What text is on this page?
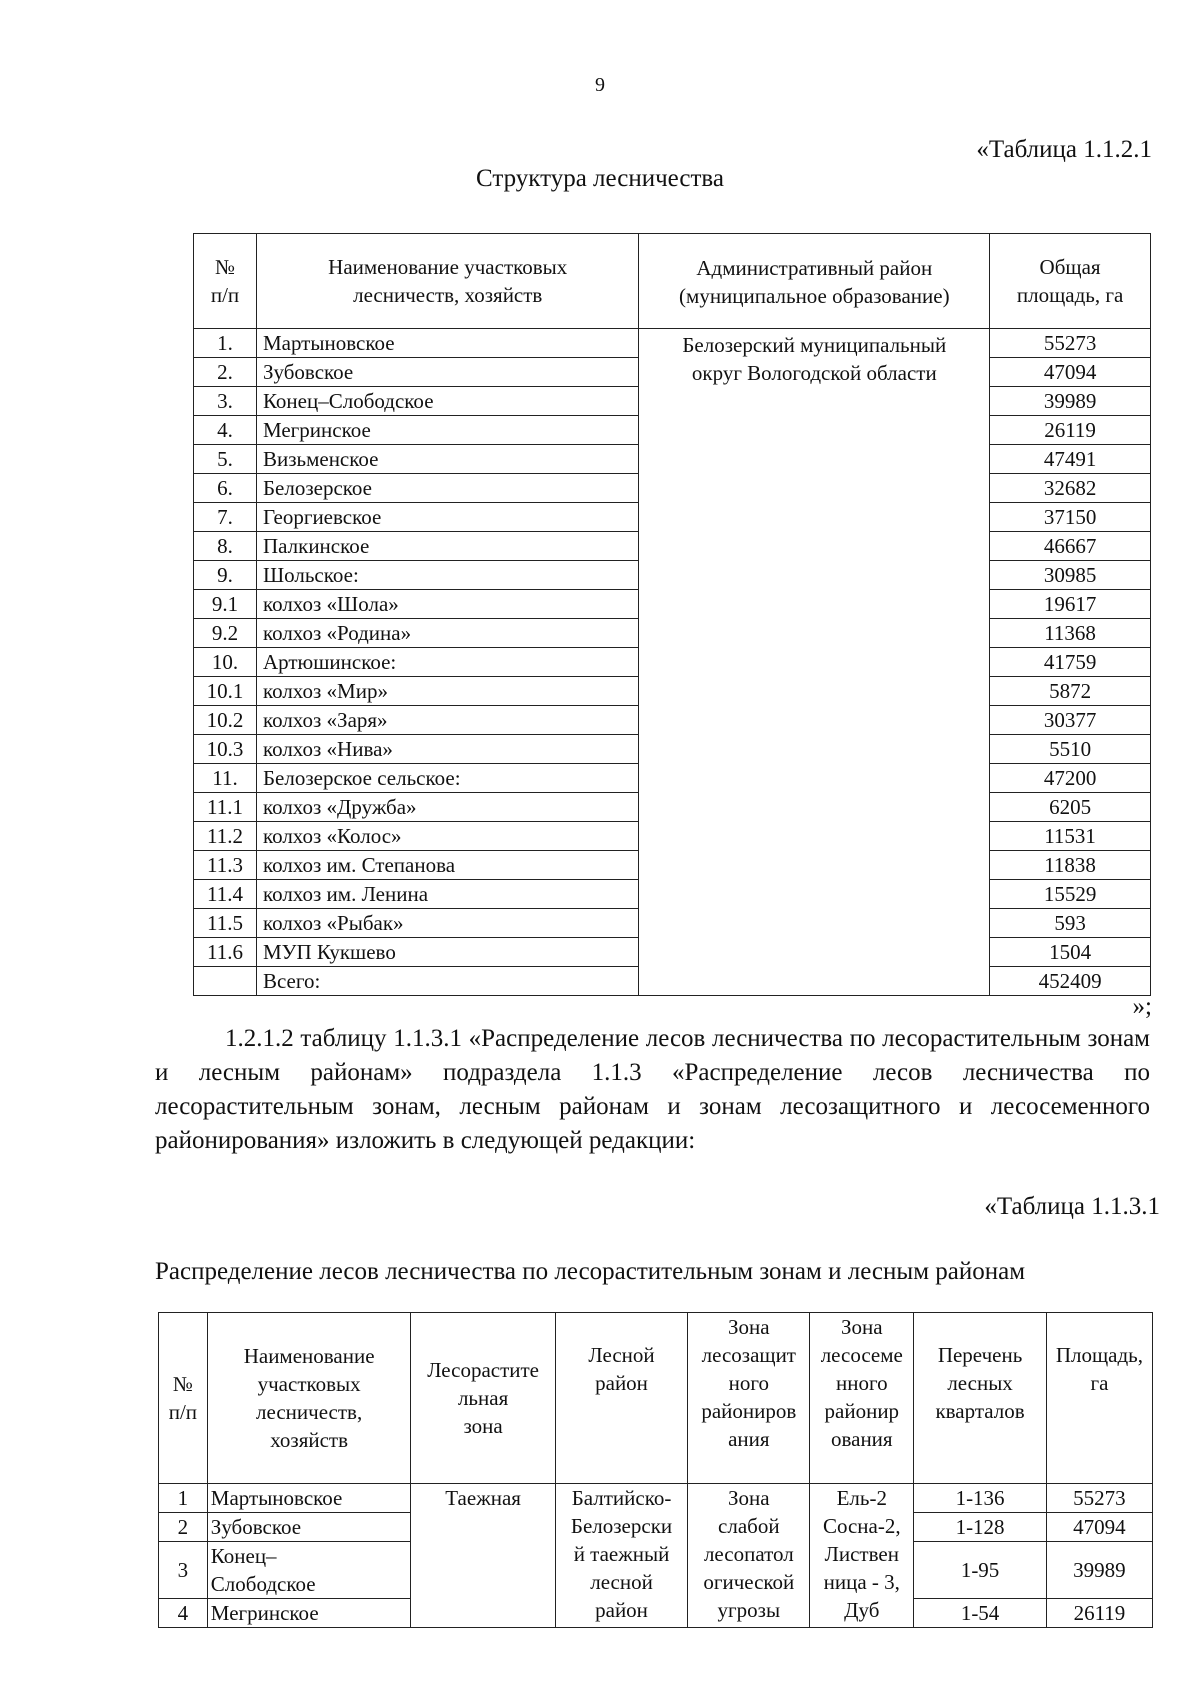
9
«Таблица 1.1.2.1
Структура лесничества
№
п/п	Наименование участковых
лесничеств, хозяйств	Административный район
(муниципальное образование)	Общая
площадь, га

1.	Мартыновское	Белозерский муниципальный
округ Вологодской области	55273
2.	Зубовское		47094
3.	Конец–Слободское		39989
4.	Мегринское		26119
5.	Визьменское		47491
6.	Белозерское		32682
7.	Георгиевское		37150
8.	Палкинское		46667
9.	Шольское:		30985
9.1	колхоз «Шола»		19617
9.2	колхоз «Родина»		11368
10.	Артюшинское:		41759
10.1	колхоз «Мир»		5872
10.2	колхоз «Заря»		30377
10.3	колхоз «Нива»		5510
11.	Белозерское сельское:		47200
11.1	колхоз «Дружба»		6205
11.2	колхоз «Колос»		11531
11.3	колхоз им. Степанова		11838
11.4	колхоз им. Ленина		15529
11.5	колхоз «Рыбак»		593
11.6	МУП Кукшево		1504
	Всего:		452409
»;
1.2.1.2 таблицу 1.1.3.1 «Распределение лесов лесничества по лесорастительным зонам и лесным районам» подраздела 1.1.3 «Распределение лесов лесничества по лесорастительным зонам, лесным районам и зонам лесозащитного и лесосеменного районирования» изложить в следующей редакции:
«Таблица 1.1.3.1
Распределение лесов лесничества по лесорастительным зонам и лесным районам
№
п/п	Наименование
участковых
лесничеств,
хозяйств	Лесорастите
льная
зона	Лесной
район	Зона
лесозащит
ного
райониров
ания	Зона
лесосеме
нного
районир
ования	Перечень
лесных
кварталов	Площадь,
га

1	Мартыновское	Таежная	Балтийско-
Белозерски
й таежный
лесной
район	Зона
слабой
лесопатол
огической
угрозы	Ель-2
Сосна-2,
Листвен
ница - 3,
Дуб	1-136	55273
2	Зубовское					1-128	47094
3	Конец–
Слободское					1-95	39989

4	Мегринское					1-54	26119
